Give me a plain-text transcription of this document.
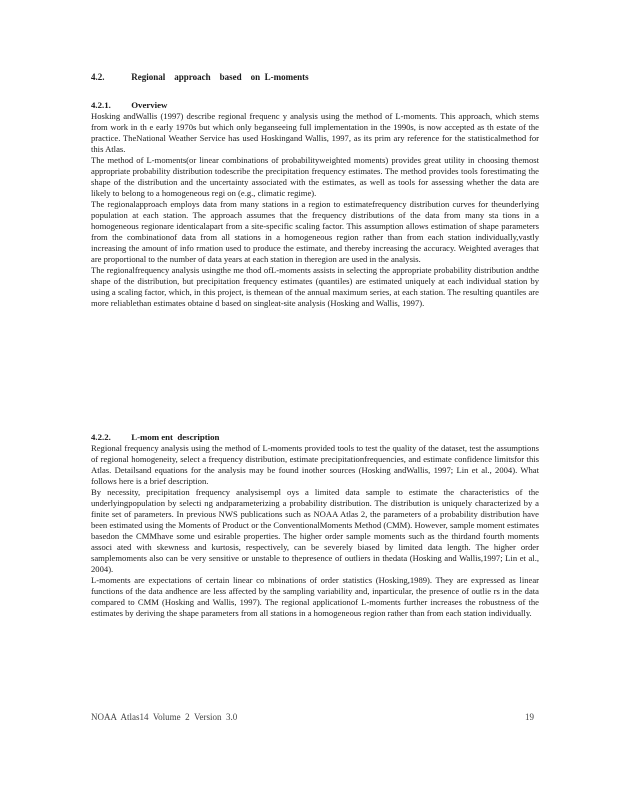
4.2.	Regional    approach    based    on  L-moments
4.2.1. Overview

Hosking andWallis (1997) describe regional frequenc y analysis using the method of L-moments. This approach, which stems from work in th e early 1970s but which only beganseeing full implementation in the 1990s, is now accepted as th estate of the practice. TheNational Weather Service has used Hoskingand Wallis, 1997, as its prim ary reference for the statisticalmethod for this Atlas.

The method of L-moments(or linear combinations of probabilityweighted moments) provides great utility in choosing themost appropriate probability distribution todescribe the precipitation frequency estimates. The method provides tools forestimating the shape of the distribution and the uncertainty associated with the estimates, as well as tools for assessing whether the data are likely to belong to a homogeneous regi on (e.g., climatic regime).

The regionalapproach employs data from many stations in a region to estimatefrequency distribution curves for theunderlying population at each station. The approach assumes that the frequency distributions of the data from many sta tions in a homogeneous regionare identicalapart from a site-specific scaling factor. This assumption allows estimation of shape parameters from the combinationof data from all stations in a homogeneous region rather than from each station individually,vastly increasing the amount of info rmation used to produce the estimate, and thereby increasing the accuracy. Weighted averages that are proportional to the number of data years at each station in theregion are used in the analysis.

The regionalfrequency analysis usingthe me thod ofL-moments assists in selecting the appropriate probability distribution andthe shape of the distribution, but precipitation frequency estimates (quantiles) are estimated uniquely at each individual station by using a scaling factor, which, in this project, is themean of the annual maximum series, at each station. The resulting quantiles are more reliablethan estimates obtaine d based on singleat-site analysis (Hosking and Wallis, 1997).

4.2.2. L-mom ent  description

Regional frequency analysis using the method of L-moments provided tools to test the quality of the dataset, test the assumptions of regional homogeneity, select a frequency distribution, estimate precipitationfrequencies, and estimate confidence limitsfor this Atlas. Detailsand equations for the analysis may be found inother sources (Hosking andWallis, 1997; Lin et al., 2004). What follows here is a brief description.

By necessity, precipitation frequency analysisempl oys a limited data sample to estimate the characteristics of the underlyingpopulation by selecti ng andparameterizing a probability distribution. The distribution is uniquely characterized by a finite set of parameters. In previous NWS publications such as NOAA Atlas 2, the parameters of a probability distribution have been estimated using the Moments of Product or the ConventionalMoments Method (CMM). However, sample moment estimates basedon the CMMhave some und esirable properties. The higher order sample moments such as the thirdand fourth moments associ ated with skewness and kurtosis, respectively, can be severely biased by limited data length. The higher order samplemoments also can be very sensitive or unstable to thepresence of outliers in thedata (Hosking and Wallis,1997; Lin et al., 2004).

L-moments are expectations of certain linear co mbinations of order statistics (Hosking,1989). They are expressed as linear functions of the data andhence are less affected by the sampling variability and, inparticular, the presence of outlie rs in the data compared to CMM (Hosking and Wallis, 1997). The regional applicationof L-moments further increases the robustness of the estimates by deriving the shape parameters from all stations in a homogeneous region rather than from each station individually.

NOAA  Atlas14  Volume  2  Version  3.0	19
